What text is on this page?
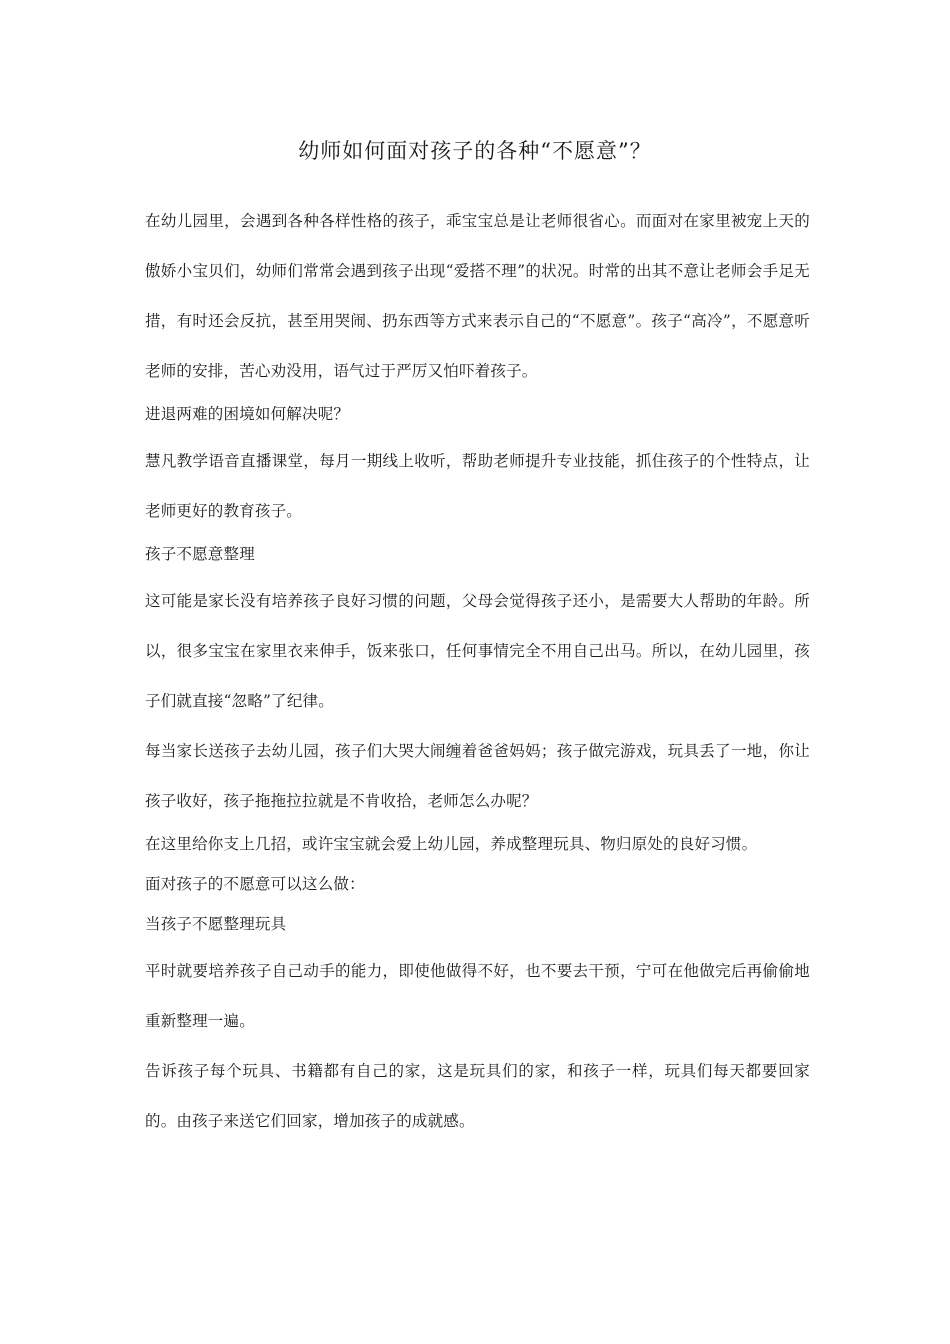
幼师如何面对孩子的各种“不愿意”？

在幼儿园里，会遇到各种各样性格的孩子，乖宝宝总是让老师很省心。而面对在家里被宠上天的傲娇小宝贝们，幼师们常常会遇到孩子出现“爱搭不理”的状况。时常的出其不意让老师会手足无措，有时还会反抗，甚至用哭闹、扔东西等方式来表示自己的“不愿意”。孩子“高冷”，不愿意听老师的安排，苦心劝没用，语气过于严厉又怕吓着孩子。

进退两难的困境如何解决呢？

慧凡教学语音直播课堂，每月一期线上收听，帮助老师提升专业技能，抓住孩子的个性特点，让老师更好的教育孩子。

孩子不愿意整理

这可能是家长没有培养孩子良好习惯的问题，父母会觉得孩子还小，是需要大人帮助的年龄。所以，很多宝宝在家里衣来伸手，饭来张口，任何事情完全不用自己出马。所以，在幼儿园里，孩子们就直接“忽略”了纪律。

每当家长送孩子去幼儿园，孩子们大哭大闹缠着爸爸妈妈；孩子做完游戏，玩具丢了一地，你让孩子收好，孩子拖拖拉拉就是不肯收拾，老师怎么办呢？

在这里给你支上几招，或许宝宝就会爱上幼儿园，养成整理玩具、物归原处的良好习惯。

面对孩子的不愿意可以这么做：

当孩子不愿整理玩具

平时就要培养孩子自己动手的能力，即使他做得不好，也不要去干预，宁可在他做完后再偷偷地重新整理一遍。

告诉孩子每个玩具、书籍都有自己的家，这是玩具们的家，和孩子一样，玩具们每天都要回家的。由孩子来送它们回家，增加孩子的成就感。
